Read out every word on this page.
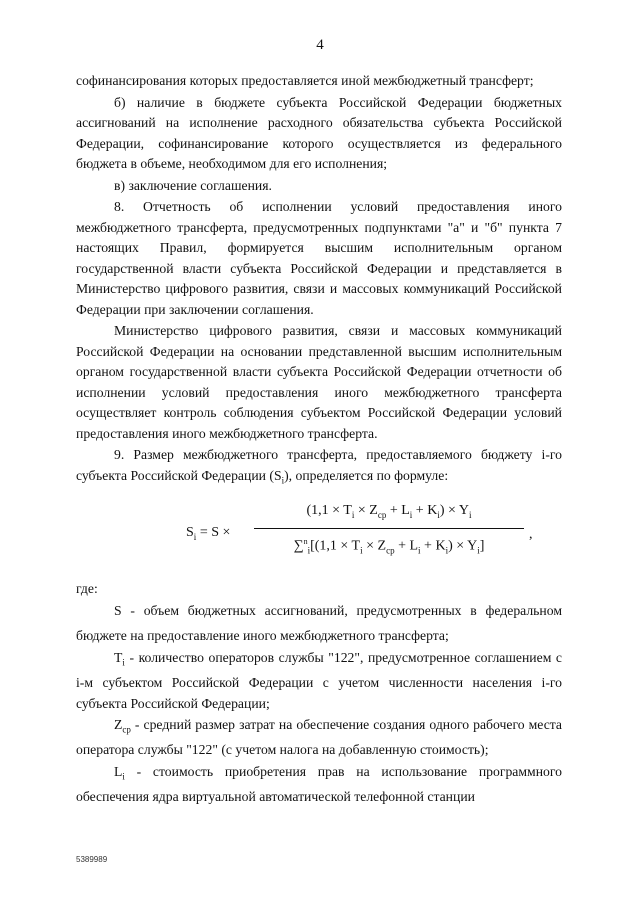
4

софинансирования которых предоставляется иной межбюджетный трансферт;

б) наличие в бюджете субъекта Российской Федерации бюджетных ассигнований на исполнение расходного обязательства субъекта Российской Федерации, софинансирование которого осуществляется из федерального бюджета в объеме, необходимом для его исполнения;

в) заключение соглашения.

8. Отчетность об исполнении условий предоставления иного межбюджетного трансферта, предусмотренных подпунктами "а" и "б" пункта 7 настоящих Правил, формируется высшим исполнительным органом государственной власти субъекта Российской Федерации и представляется в Министерство цифрового развития, связи и массовых коммуникаций Российской Федерации при заключении соглашения.

Министерство цифрового развития, связи и массовых коммуникаций Российской Федерации на основании представленной высшим исполнительным органом государственной власти субъекта Российской Федерации отчетности об исполнении условий предоставления иного межбюджетного трансферта осуществляет контроль соблюдения субъектом Российской Федерации условий предоставления иного межбюджетного трансферта.

9. Размер межбюджетного трансферта, предоставляемого бюджету i-го субъекта Российской Федерации $(S_i)$, определяется по формуле:

$S_i = S$ ×
$(1,1 \times T_i \times Z_{cp} + L_i + K_i) \times Y_i$
$\sum^n_i[(1,1 \times T_i \times Z_{cp} + L_i + K_i) \times Y_i]$
,

где:

S - объем бюджетных ассигнований, предусмотренных в федеральном бюджете на предоставление иного межбюджетного трансферта;

$T_i$ - количество операторов службы "122", предусмотренное соглашением с i-м субъектом Российской Федерации с учетом численности населения i-го субъекта Российской Федерации;

$Z_{cp}$ - средний размер затрат на обеспечение создания одного рабочего места оператора службы "122" (с учетом налога на добавленную стоимость);

$L_i$ - стоимость приобретения прав на использование программного обеспечения ядра виртуальной автоматической телефонной станции

5389989
